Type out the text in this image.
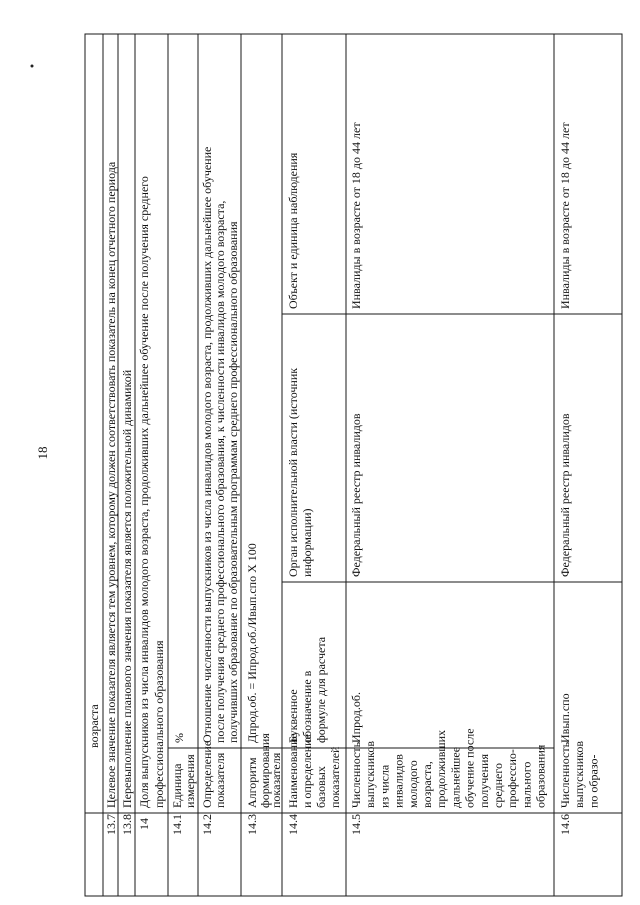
18
возраста
13.7
Целевое значение показателя является тем уровнем, которому должен соответствовать показатель на конец отчетного периода
13.8
Перевыполнение планового значения показателя является положительной динамикой
14
Доля выпускников из числа инвалидов молодого возраста, продолживших дальнейшее обучение после получения среднего профессионального образования
14.1
Единица измерения
%
14.2
Определение показателя
Отношение численности выпускников из числа инвалидов молодого возраста, продолживших дальнейшее обучение после получения среднего профессионального образования, к численности инвалидов молодого возраста, получивших образование по образовательным программам среднего профессионального образования
14.3
Алгоритм формирования
показателя
Дпрод.об. = Ипрод.об./Ивып.спо X 100
14.4
Наименование и определение базовых показателей
Буквенное обозначение в формуле для расчета
Орган исполнительной власти (источник информации)
Объект и единица наблюдения
14.5
Численность выпускников из числа инвалидов молодого возраста, продолживших дальнейшее обучение после получения среднего профессио- нального образования
Ипрод.об.
Федеральный реестр инвалидов
Инвалиды в возрасте от 18 до 44 лет
14.6
Численность выпускников по образо-
Ивып.спо
Федеральный реестр инвалидов
Инвалиды в возрасте от 18 до 44 лет
